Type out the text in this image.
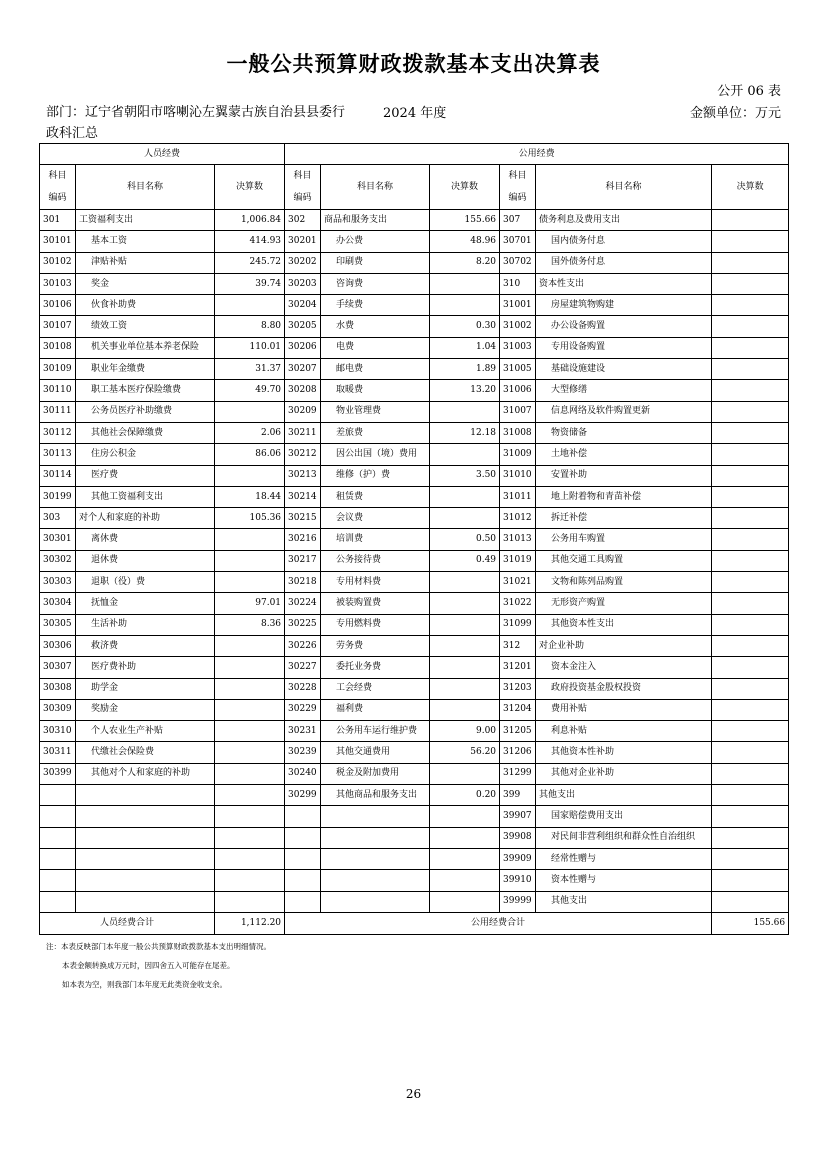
一般公共预算财政拨款基本支出决算表
公开 06 表
部门：辽宁省朝阳市喀喇沁左翼蒙古族自治县县委行政科汇总
2024 年度	金额单位：万元
人员经费			公用经费					
科目编码	科目名称	决算数	科目编码	科目名称	决算数	科目编码	科目名称	决算数
301	工资福利支出	1,006.84	302	商品和服务支出	155.66	307	债务利息及费用支出	
30101	基本工资	414.93	30201	办公费	48.96	30701	国内债务付息	
30102	津贴补贴	245.72	30202	印刷费	8.20	30702	国外债务付息	
30103	奖金	39.74	30203	咨询费		310	资本性支出	
30106	伙食补助费		30204	手续费		31001	房屋建筑物购建	
30107	绩效工资	8.80	30205	水费	0.30	31002	办公设备购置	
30108	机关事业单位基本养老保险	110.01	30206	电费	1.04	31003	专用设备购置	
30109	职业年金缴费	31.37	30207	邮电费	1.89	31005	基础设施建设	
30110	职工基本医疗保险缴费	49.70	30208	取暖费	13.20	31006	大型修缮	
30111	公务员医疗补助缴费		30209	物业管理费		31007	信息网络及软件购置更新	
30112	其他社会保障缴费	2.06	30211	差旅费	12.18	31008	物资储备	
30113	住房公积金	86.06	30212	因公出国（境）费用		31009	土地补偿	
30114	医疗费		30213	维修（护）费	3.50	31010	安置补助	
30199	其他工资福利支出	18.44	30214	租赁费		31011	地上附着物和青苗补偿	
303	对个人和家庭的补助	105.36	30215	会议费		31012	拆迁补偿	
30301	离休费		30216	培训费	0.50	31013	公务用车购置	
30302	退休费		30217	公务接待费	0.49	31019	其他交通工具购置	
30303	退职（役）费		30218	专用材料费		31021	文物和陈列品购置	
30304	抚恤金	97.01	30224	被装购置费		31022	无形资产购置	
30305	生活补助	8.36	30225	专用燃料费		31099	其他资本性支出	
30306	救济费		30226	劳务费		312	对企业补助	
30307	医疗费补助		30227	委托业务费		31201	资本金注入	
30308	助学金		30228	工会经费		31203	政府投资基金股权投资	
30309	奖励金		30229	福利费		31204	费用补贴	
30310	个人农业生产补贴		30231	公务用车运行维护费	9.00	31205	利息补贴	
30311	代缴社会保险费		30239	其他交通费用	56.20	31206	其他资本性补助	
30399	其他对个人和家庭的补助		30240	税金及附加费用		31299	其他对企业补助	
			30299	其他商品和服务支出	0.20	399	其他支出	
						39907	国家赔偿费用支出	
						39908	对民间非营利组织和群众性自治组织	
						39909	经常性赠与	
						39910	资本性赠与	
						39999	其他支出	
人员经费合计		1,112.20	公用经费合计					155.66
注：本表反映部门本年度一般公共预算财政拨款基本支出明细情况。
本表金额转换成万元时，因四舍五入可能存在尾差。
如本表为空，则我部门本年度无此类资金收支余。
26
